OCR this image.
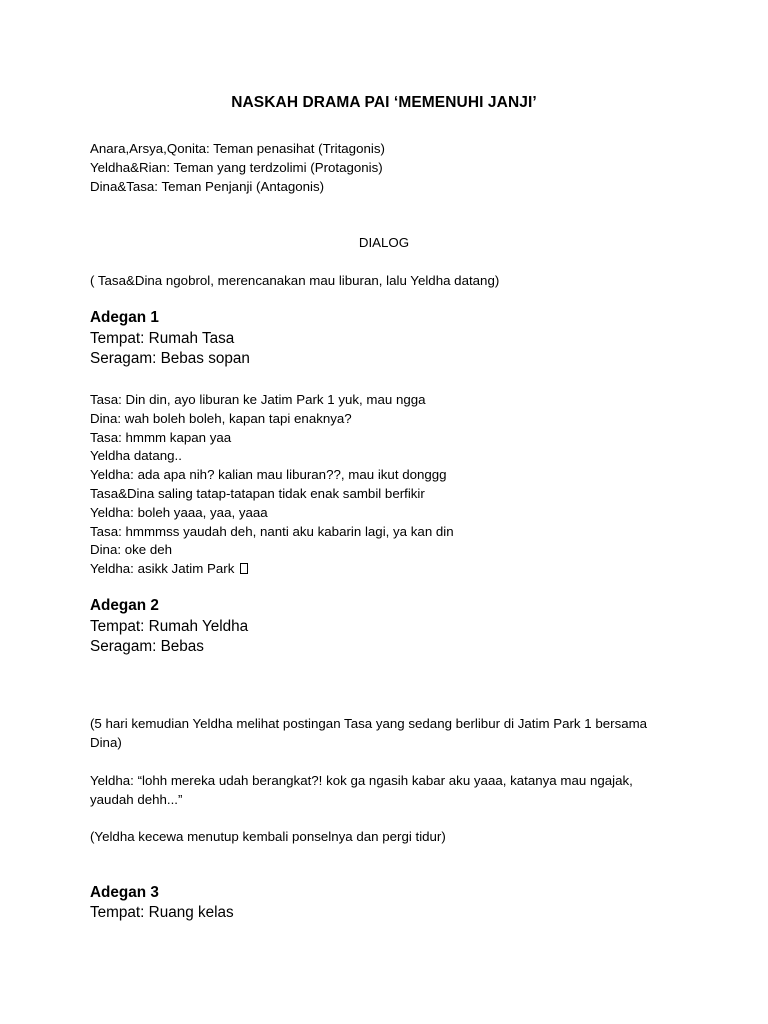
NASKAH DRAMA PAI ‘MEMENUHI JANJI’
Anara,Arsya,Qonita: Teman penasihat (Tritagonis)
Yeldha&Rian: Teman yang terdzolimi (Protagonis)
Dina&Tasa: Teman Penjanji (Antagonis)
DIALOG
( Tasa&Dina ngobrol, merencanakan mau liburan, lalu Yeldha datang)
Adegan 1
Tempat: Rumah Tasa
Seragam: Bebas sopan
Tasa: Din din, ayo liburan ke Jatim Park 1 yuk, mau ngga
Dina: wah boleh boleh, kapan tapi enaknya?
Tasa: hmmm kapan yaa
Yeldha datang..
Yeldha: ada apa nih? kalian mau liburan??, mau ikut donggg
Tasa&Dina saling tatap-tatapan tidak enak sambil berfikir
Yeldha: boleh yaaa, yaa, yaaa
Tasa: hmmmss yaudah deh, nanti aku kabarin lagi, ya kan din
Dina: oke deh
Yeldha: asikk Jatim Park
Adegan 2
Tempat: Rumah Yeldha
Seragam: Bebas
(5 hari kemudian Yeldha melihat postingan Tasa yang sedang berlibur di Jatim Park 1 bersama
Dina)
Yeldha: “lohh mereka udah berangkat?! kok ga ngasih kabar aku yaaa, katanya mau ngajak,
yaudah dehh...”
(Yeldha kecewa menutup kembali ponselnya dan pergi tidur)
Adegan 3
Tempat: Ruang kelas
